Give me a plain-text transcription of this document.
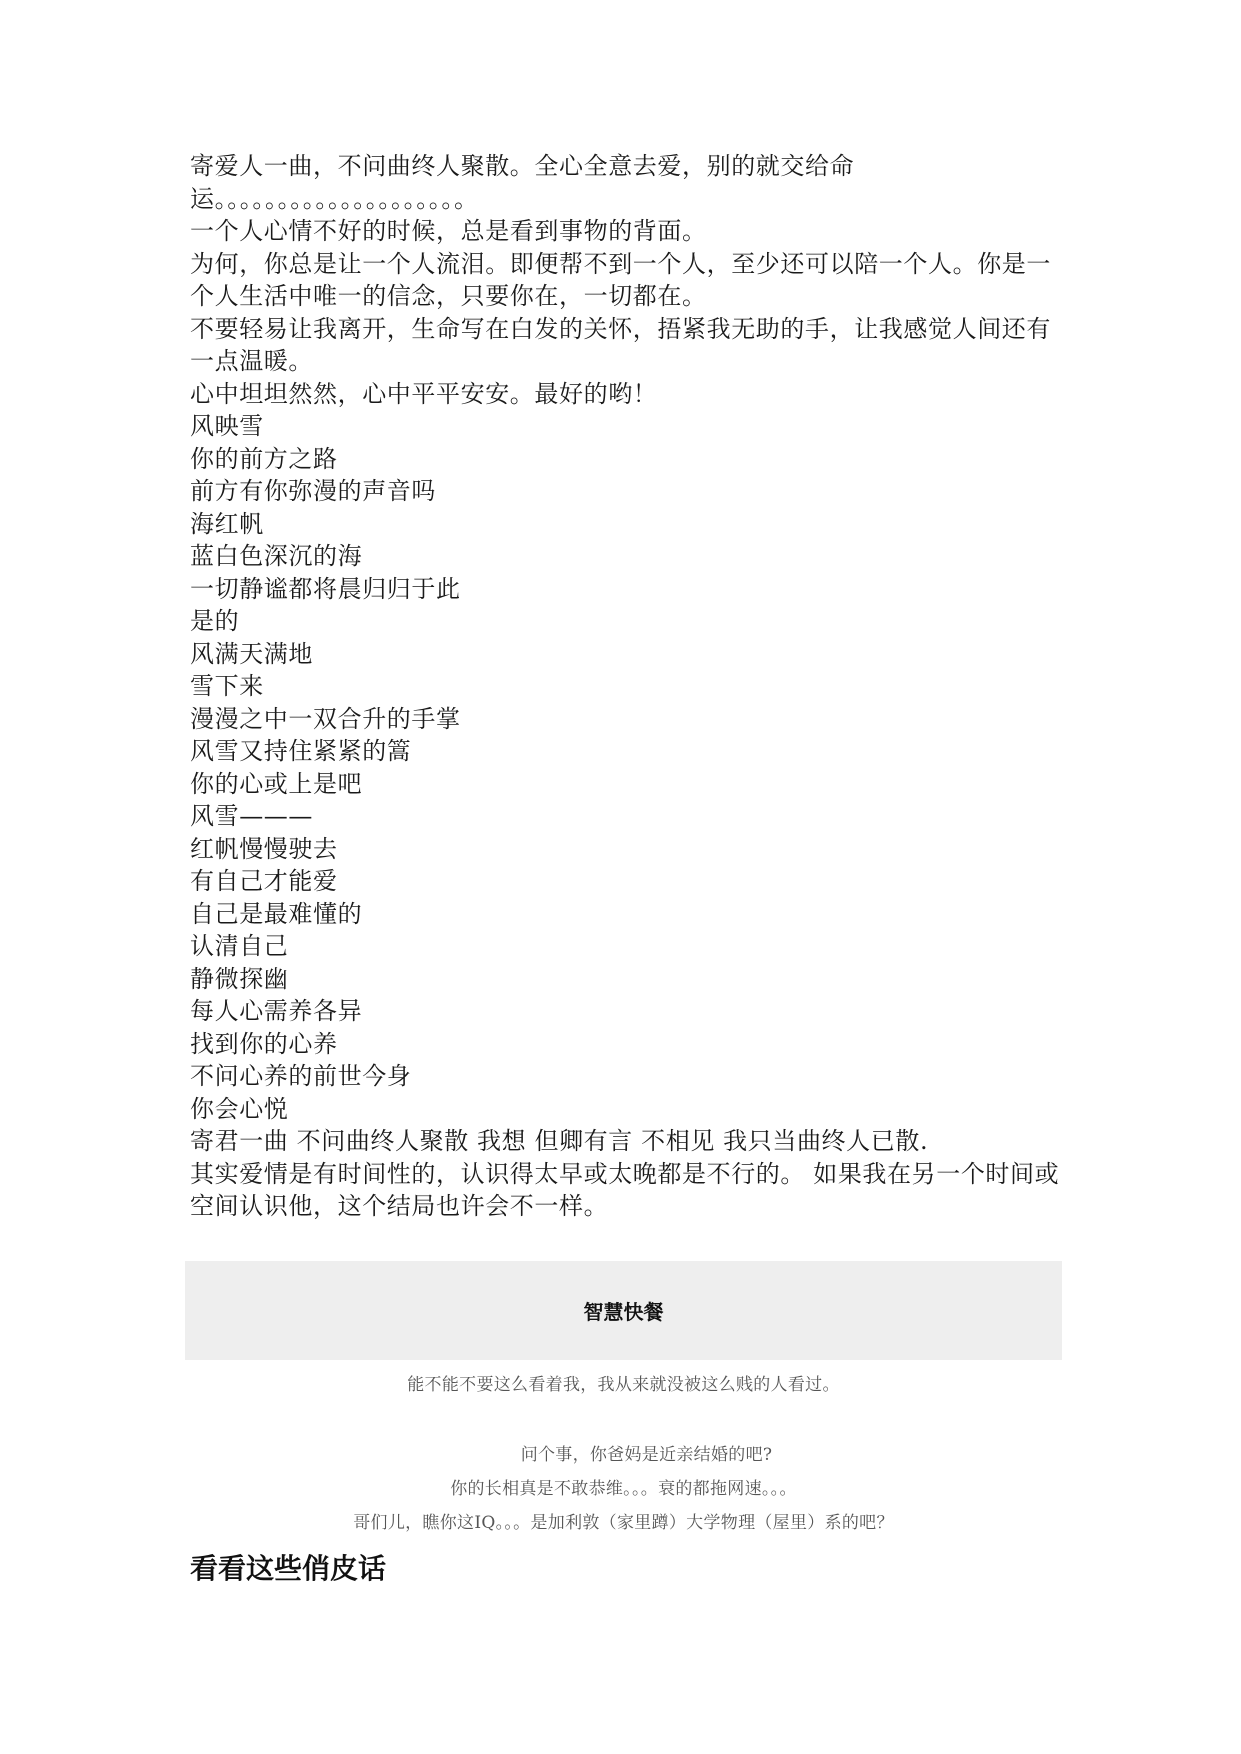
寄爱人一曲，不问曲终人聚散。全心全意去爱，别的就交给命运。。。。。。。。。。。。。。。。。。。。

一个人心情不好的时候，总是看到事物的背面。

为何，你总是让一个人流泪。即便帮不到一个人，至少还可以陪一个人。你是一个人生活中唯一的信念，只要你在，一切都在。

不要轻易让我离开，生命写在白发的关怀，捂紧我无助的手，让我感觉人间还有一点温暖。

心中坦坦然然，心中平平安安。最好的哟！

风映雪

你的前方之路

前方有你弥漫的声音吗

海红帆

蓝白色深沉的海

一切静谧都将晨归归于此

是的

风满天满地

雪下来

漫漫之中一双合升的手掌

风雪又持住紧紧的篙

你的心或上是吧

风雪———

红帆慢慢驶去

有自己才能爱

自己是最难懂的

认清自己

静微探幽

每人心需养各异

找到你的心养

不问心养的前世今身

你会心悦

寄君一曲 不问曲终人聚散 我想 但卿有言 不相见 我只当曲终人已散.

其实爱情是有时间性的，认识得太早或太晚都是不行的。 如果我在另一个时间或空间认识他，这个结局也许会不一样。

智慧快餐

能不能不要这么看着我，我从来就没被这么贱的人看过。

问个事，你爸妈是近亲结婚的吧?

你的长相真是不敢恭维。。。衰的都拖网速。。。

哥们儿，瞧你这IQ。。。是加利敦（家里蹲）大学物理（屋里）系的吧？

看看这些俏皮话
